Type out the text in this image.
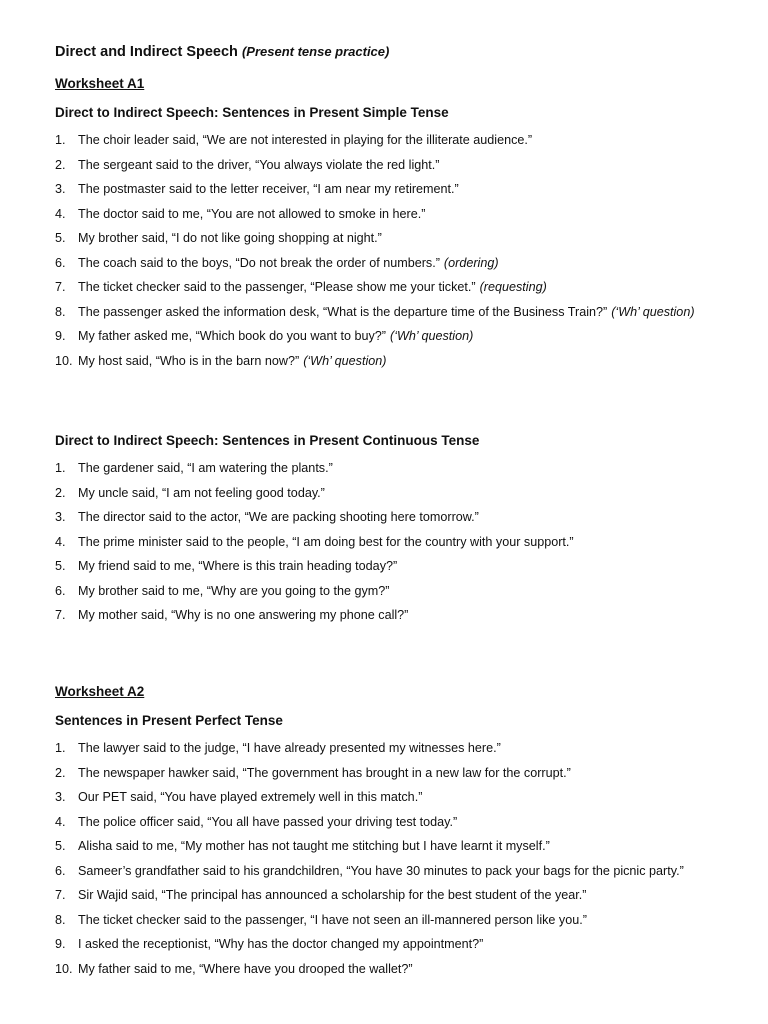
Direct and Indirect Speech (Present tense practice)
Worksheet A1
Direct to Indirect Speech: Sentences in Present Simple Tense
1. The choir leader said, “We are not interested in playing for the illiterate audience.”
2. The sergeant said to the driver, “You always violate the red light.”
3. The postmaster said to the letter receiver, “I am near my retirement.”
4. The doctor said to me, “You are not allowed to smoke in here.”
5. My brother said, “I do not like going shopping at night.”
6. The coach said to the boys, “Do not break the order of numbers.” (ordering)
7. The ticket checker said to the passenger, “Please show me your ticket.” (requesting)
8. The passenger asked the information desk, “What is the departure time of the Business Train?” (‘Wh’ question)
9. My father asked me, “Which book do you want to buy?” (‘Wh’ question)
10. My host said, “Who is in the barn now?” (‘Wh’ question)
Direct to Indirect Speech: Sentences in Present Continuous Tense
1. The gardener said, “I am watering the plants.”
2. My uncle said, “I am not feeling good today.”
3. The director said to the actor, “We are packing shooting here tomorrow.”
4. The prime minister said to the people, “I am doing best for the country with your support.”
5. My friend said to me, “Where is this train heading today?”
6. My brother said to me, “Why are you going to the gym?”
7. My mother said, “Why is no one answering my phone call?”
Worksheet A2
Sentences in Present Perfect Tense
1. The lawyer said to the judge, “I have already presented my witnesses here.”
2. The newspaper hawker said, “The government has brought in a new law for the corrupt.”
3. Our PET said, “You have played extremely well in this match.”
4. The police officer said, “You all have passed your driving test today.”
5. Alisha said to me, “My mother has not taught me stitching but I have learnt it myself.”
6. Sameer’s grandfather said to his grandchildren, “You have 30 minutes to pack your bags for the picnic party.”
7. Sir Wajid said, “The principal has announced a scholarship for the best student of the year.”
8. The ticket checker said to the passenger, “I have not seen an ill-mannered person like you.”
9. I asked the receptionist, “Why has the doctor changed my appointment?”
10. My father said to me, “Where have you drooped the wallet?”
